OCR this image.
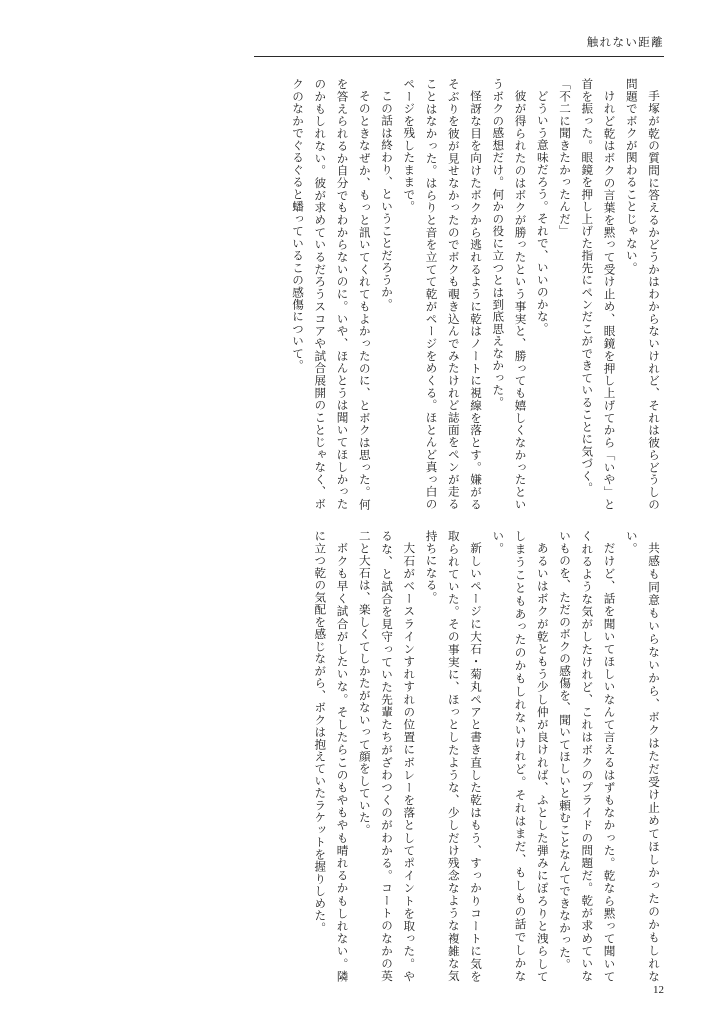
触れない距離

手塚が乾の質問に答えるかどうかはわからないけれど、それは彼らどうしの問題でボクが関わることじゃない。

けれど乾はボクの言葉を黙って受け止め、眼鏡を押し上げてから「いや」と首を振った。眼鏡を押し上げた指先にペンだこができていることに気づく。

「不二に聞きたかったんだ」

どういう意味だろう。それで、いいのかな。

彼が得られたのはボクが勝ったという事実と、勝っても嬉しくなかったというボクの感想だけ。何かの役に立つとは到底思えなかった。

怪訝な目を向けたボクから逃れるように乾はノートに視線を落とす。嫌がるそぶりを彼が見せなかったのでボクも覗き込んでみたけれど誌面をペンが走ることはなかった。はらりと音を立てて乾がページをめくる。ほとんど真っ白のページを残したままで。

この話は終わり、ということだろうか。

そのときなぜか、もっと訊いてくれてもよかったのに、とボクは思った。何を答えられるか自分でもわからないのに。いや、ほんとうは聞いてほしかったのかもしれない。彼が求めているだろうスコアや試合展開のことじゃなく、ボクのなかでぐるぐると蟠っているこの感傷について。

共感も同意もいらないから、ボクはただ受け止めてほしかったのかもしれない。

だけど、話を聞いてほしいなんて言えるはずもなかった。乾なら黙って聞いてくれるような気がしたけれど、これはボクのプライドの問題だ。乾が求めていないものを、ただのボクの感傷を、聞いてほしいと頼むことなんてできなかった。

あるいはボクが乾ともう少し仲が良ければ、ふとした弾みにぽろりと洩らしてしまうこともあったのかもしれないけれど。それはまだ、もしもの話でしかない。

新しいページに大石・菊丸ペアと書き直した乾はもう、すっかりコートに気を取られていた。その事実に、ほっとしたような、少しだけ残念なような複雑な気持ちになる。

大石がベースラインすれすれの位置にボレーを落としてポイントを取った。やるな、と試合を見守っていた先輩たちがざわつくのがわかる。コートのなかの英二と大石は、楽しくてしかたがないって顔をしていた。

ボクも早く試合がしたいな。そしたらこのもやもやも晴れるかもしれない。隣に立つ乾の気配を感じながら、ボクは抱えていたラケットを握りしめた。

12
